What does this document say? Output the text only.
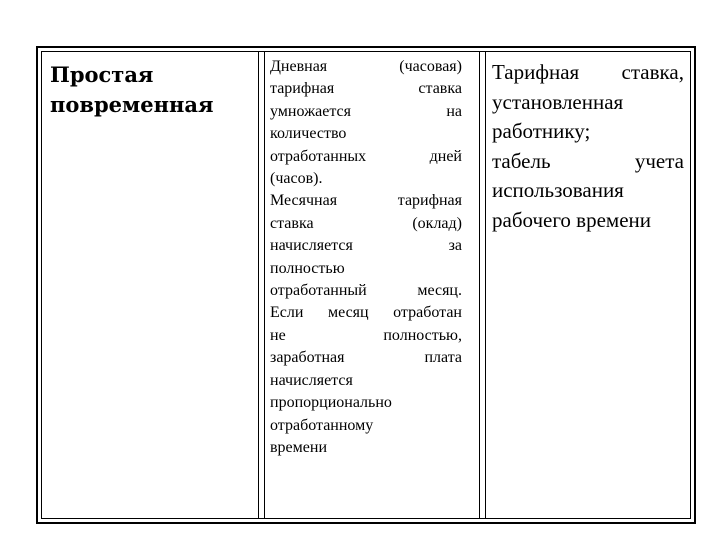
Простая
повременная
Дневная (часовая)
тарифная ставка
умножается на
количество
отработанных дней
(часов).
Месячная тарифная
ставка (оклад)
начисляется за
полностью
отработанный месяц.
Если месяц отработан
не полностью,
заработная плата
начисляется
пропорционально
отработанному
времени
Тарифная ставка,
установленная
работнику;
табель учета
использования
рабочего времени
